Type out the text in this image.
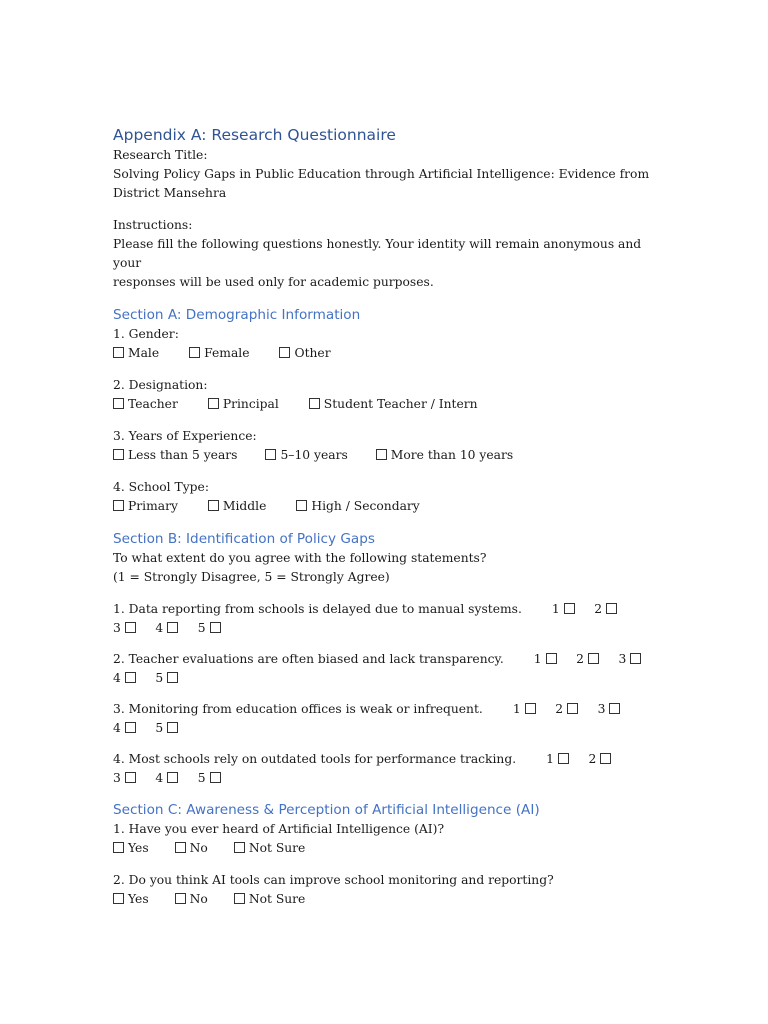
Appendix A: Research Questionnaire
Research Title:
Solving Policy Gaps in Public Education through Artificial Intelligence: Evidence from
District Mansehra
Instructions:
Please fill the following questions honestly. Your identity will remain anonymous and your
responses will be used only for academic purposes.
Section A: Demographic Information
1. Gender:
Male	Female	Other
2. Designation:
Teacher	Principal	Student Teacher / Intern
3. Years of Experience:
Less than 5 years	5–10 years	More than 10 years
4. School Type:
Primary	Middle	High / Secondary
Section B: Identification of Policy Gaps
To what extent do you agree with the following statements?
(1 = Strongly Disagree, 5 = Strongly Agree)
1. Data reporting from schools is delayed due to manual systems. 1	2     3	4	5
2. Teacher evaluations are often biased and lack transparency. 1	2	3     4	5
3. Monitoring from education offices is weak or infrequent. 1	2	3     4	5
4. Most schools rely on outdated tools for performance tracking. 1	2     3	4	5
Section C: Awareness & Perception of Artificial Intelligence (AI)
1. Have you ever heard of Artificial Intelligence (AI)?
Yes	No	Not Sure
2. Do you think AI tools can improve school monitoring and reporting?
Yes	No	Not Sure
